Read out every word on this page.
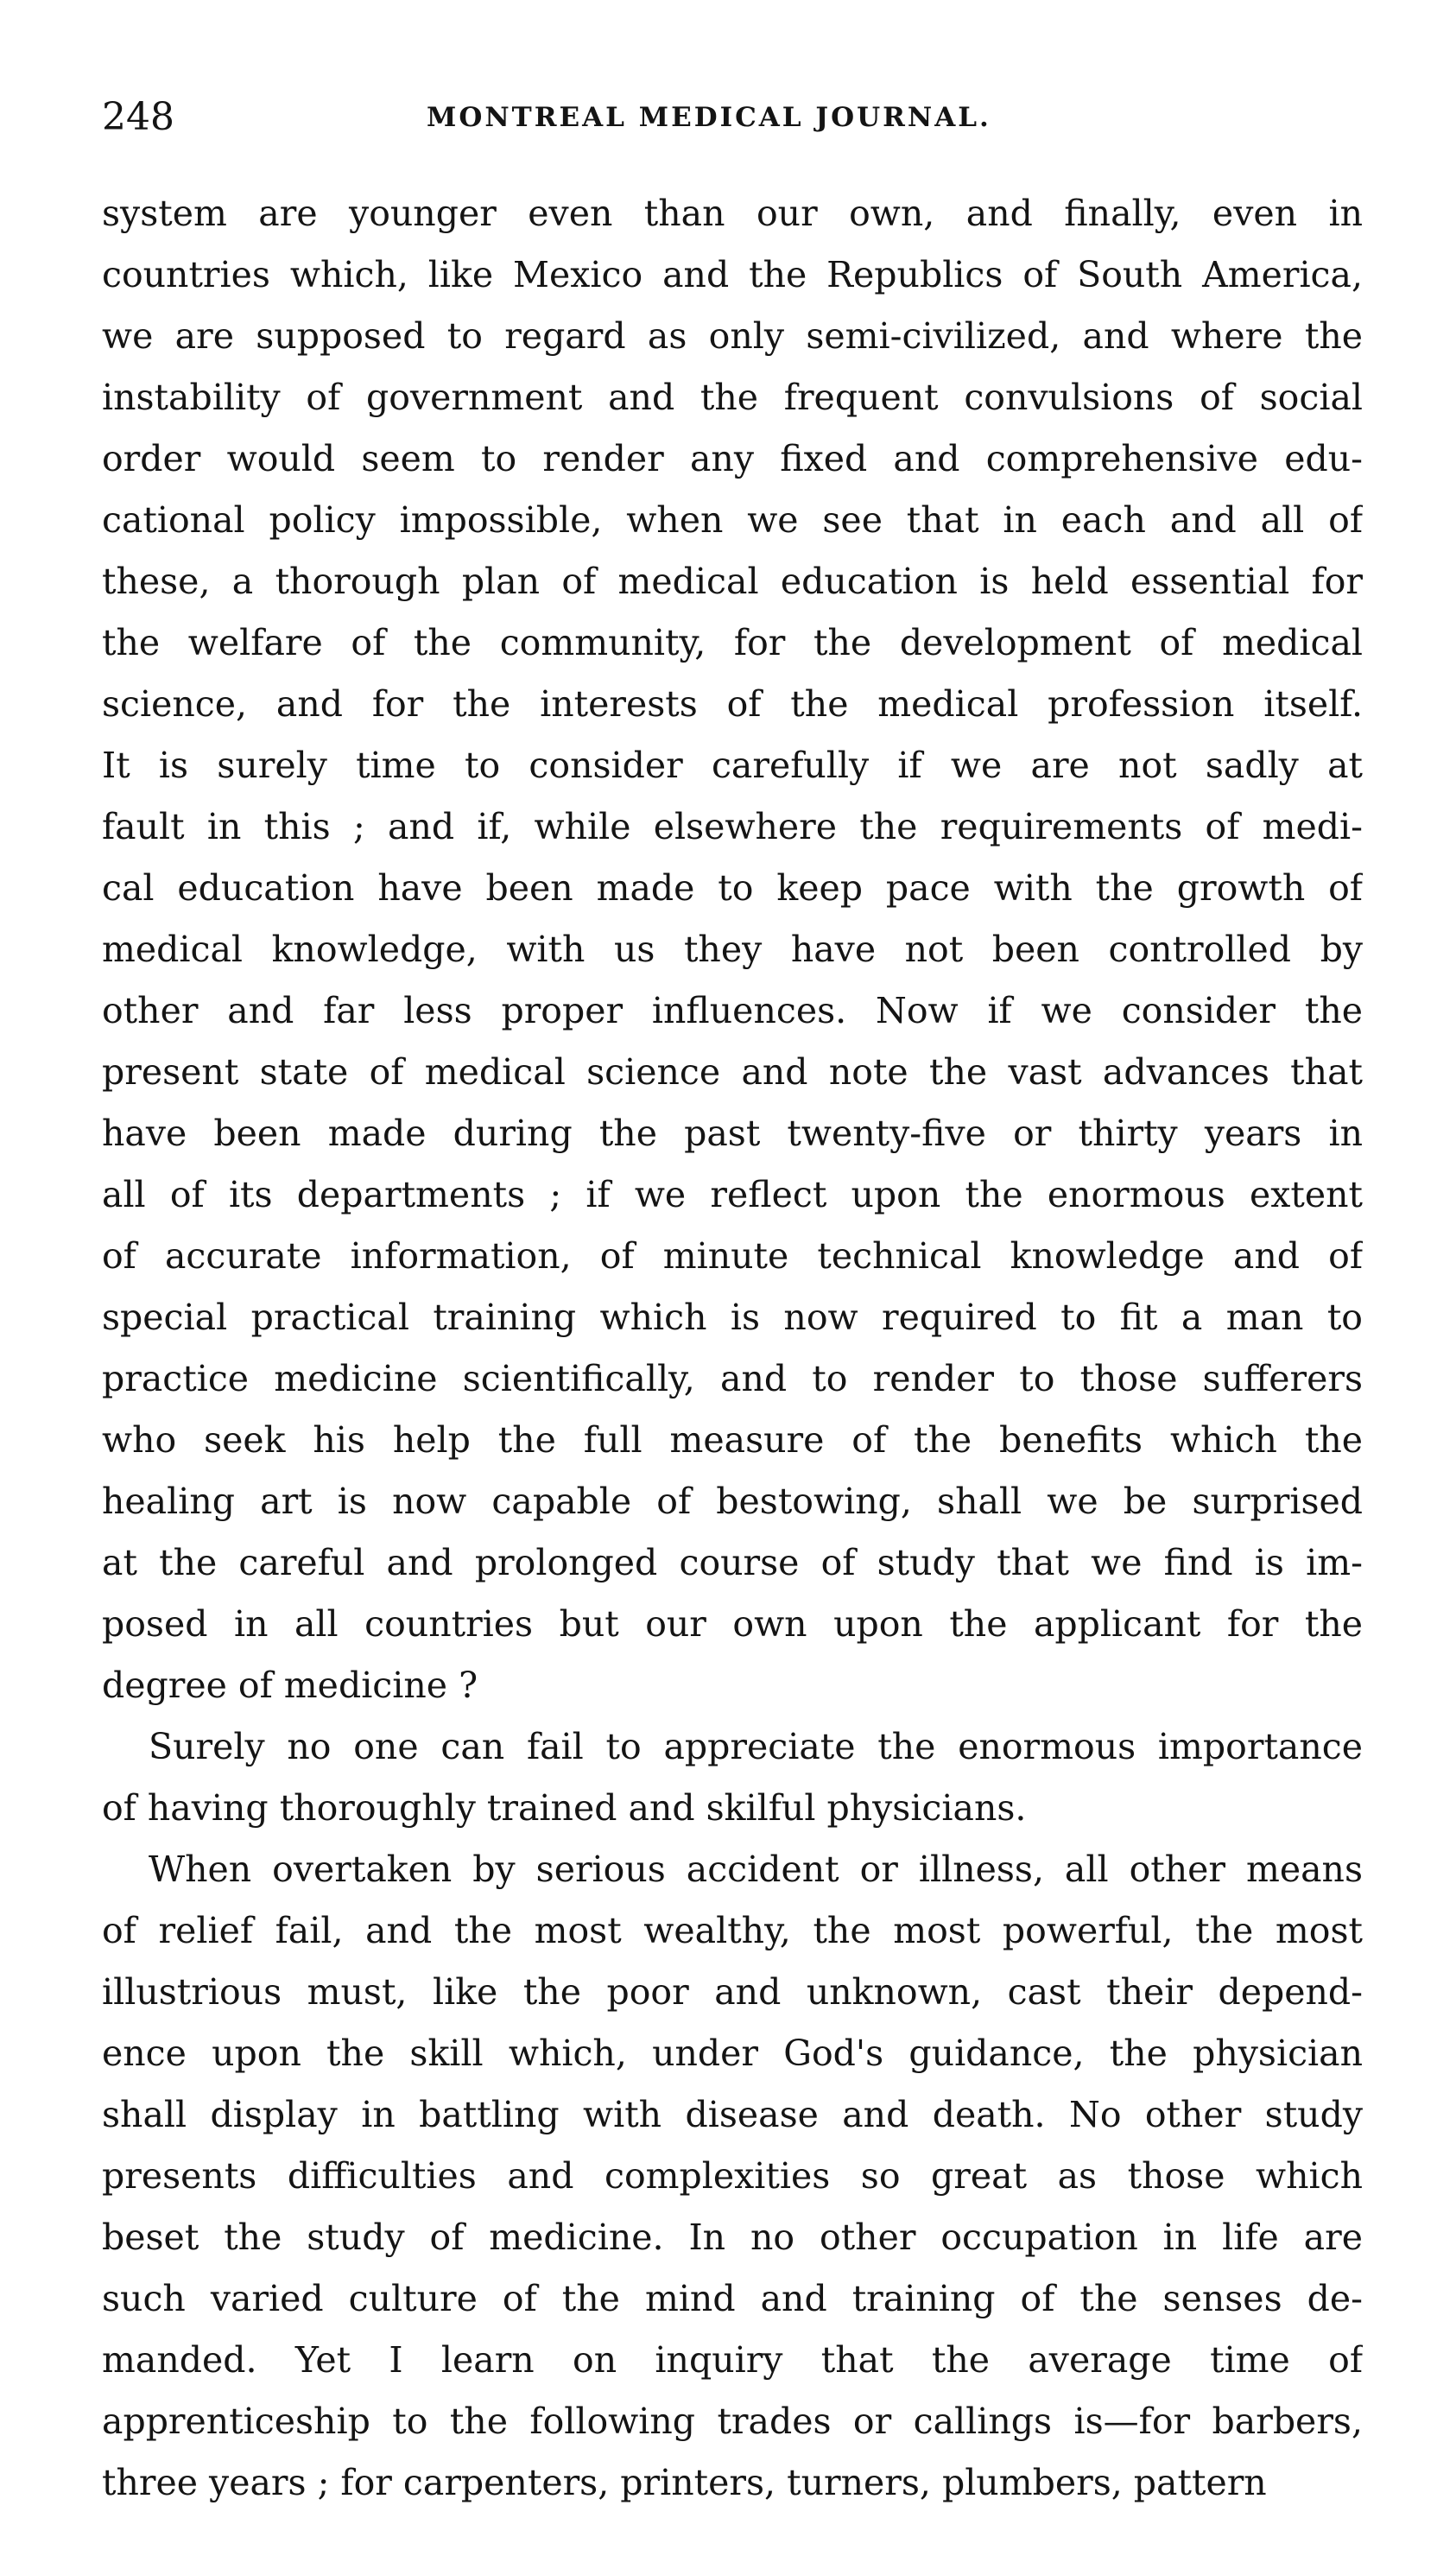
248	MONTREAL MEDICAL JOURNAL.
system are younger even than our own, and finally, even in
countries which, like Mexico and the Republics of South America,
we are supposed to regard as only semi-civilized, and where the
instability of government and the frequent convulsions of social
order would seem to render any fixed and comprehensive edu-
cational policy impossible, when we see that in each and all of
these, a thorough plan of medical education is held essential for
the welfare of the community, for the development of medical
science, and for the interests of the medical profession itself.
It is surely time to consider carefully if we are not sadly at
fault in this ; and if, while elsewhere the requirements of medi-
cal education have been made to keep pace with the growth of
medical knowledge, with us they have not been controlled by
other and far less proper influences. Now if we consider the
present state of medical science and note the vast advances that
have been made during the past twenty-five or thirty years in
all of its departments ; if we reflect upon the enormous extent
of accurate information, of minute technical knowledge and of
special practical training which is now required to fit a man to
practice medicine scientifically, and to render to those sufferers
who seek his help the full measure of the benefits which the
healing art is now capable of bestowing, shall we be surprised
at the careful and prolonged course of study that we find is im-
posed in all countries but our own upon the applicant for the
degree of medicine ?
Surely no one can fail to appreciate the enormous importance
of having thoroughly trained and skilful physicians.
When overtaken by serious accident or illness, all other means
of relief fail, and the most wealthy, the most powerful, the most
illustrious must, like the poor and unknown, cast their depend-
ence upon the skill which, under God's guidance, the physician
shall display in battling with disease and death. No other study
presents difficulties and complexities so great as those which
beset the study of medicine. In no other occupation in life are
such varied culture of the mind and training of the senses de-
manded. Yet I learn on inquiry that the average time of
apprenticeship to the following trades or callings is—for barbers,
three years ; for carpenters, printers, turners, plumbers, pattern
